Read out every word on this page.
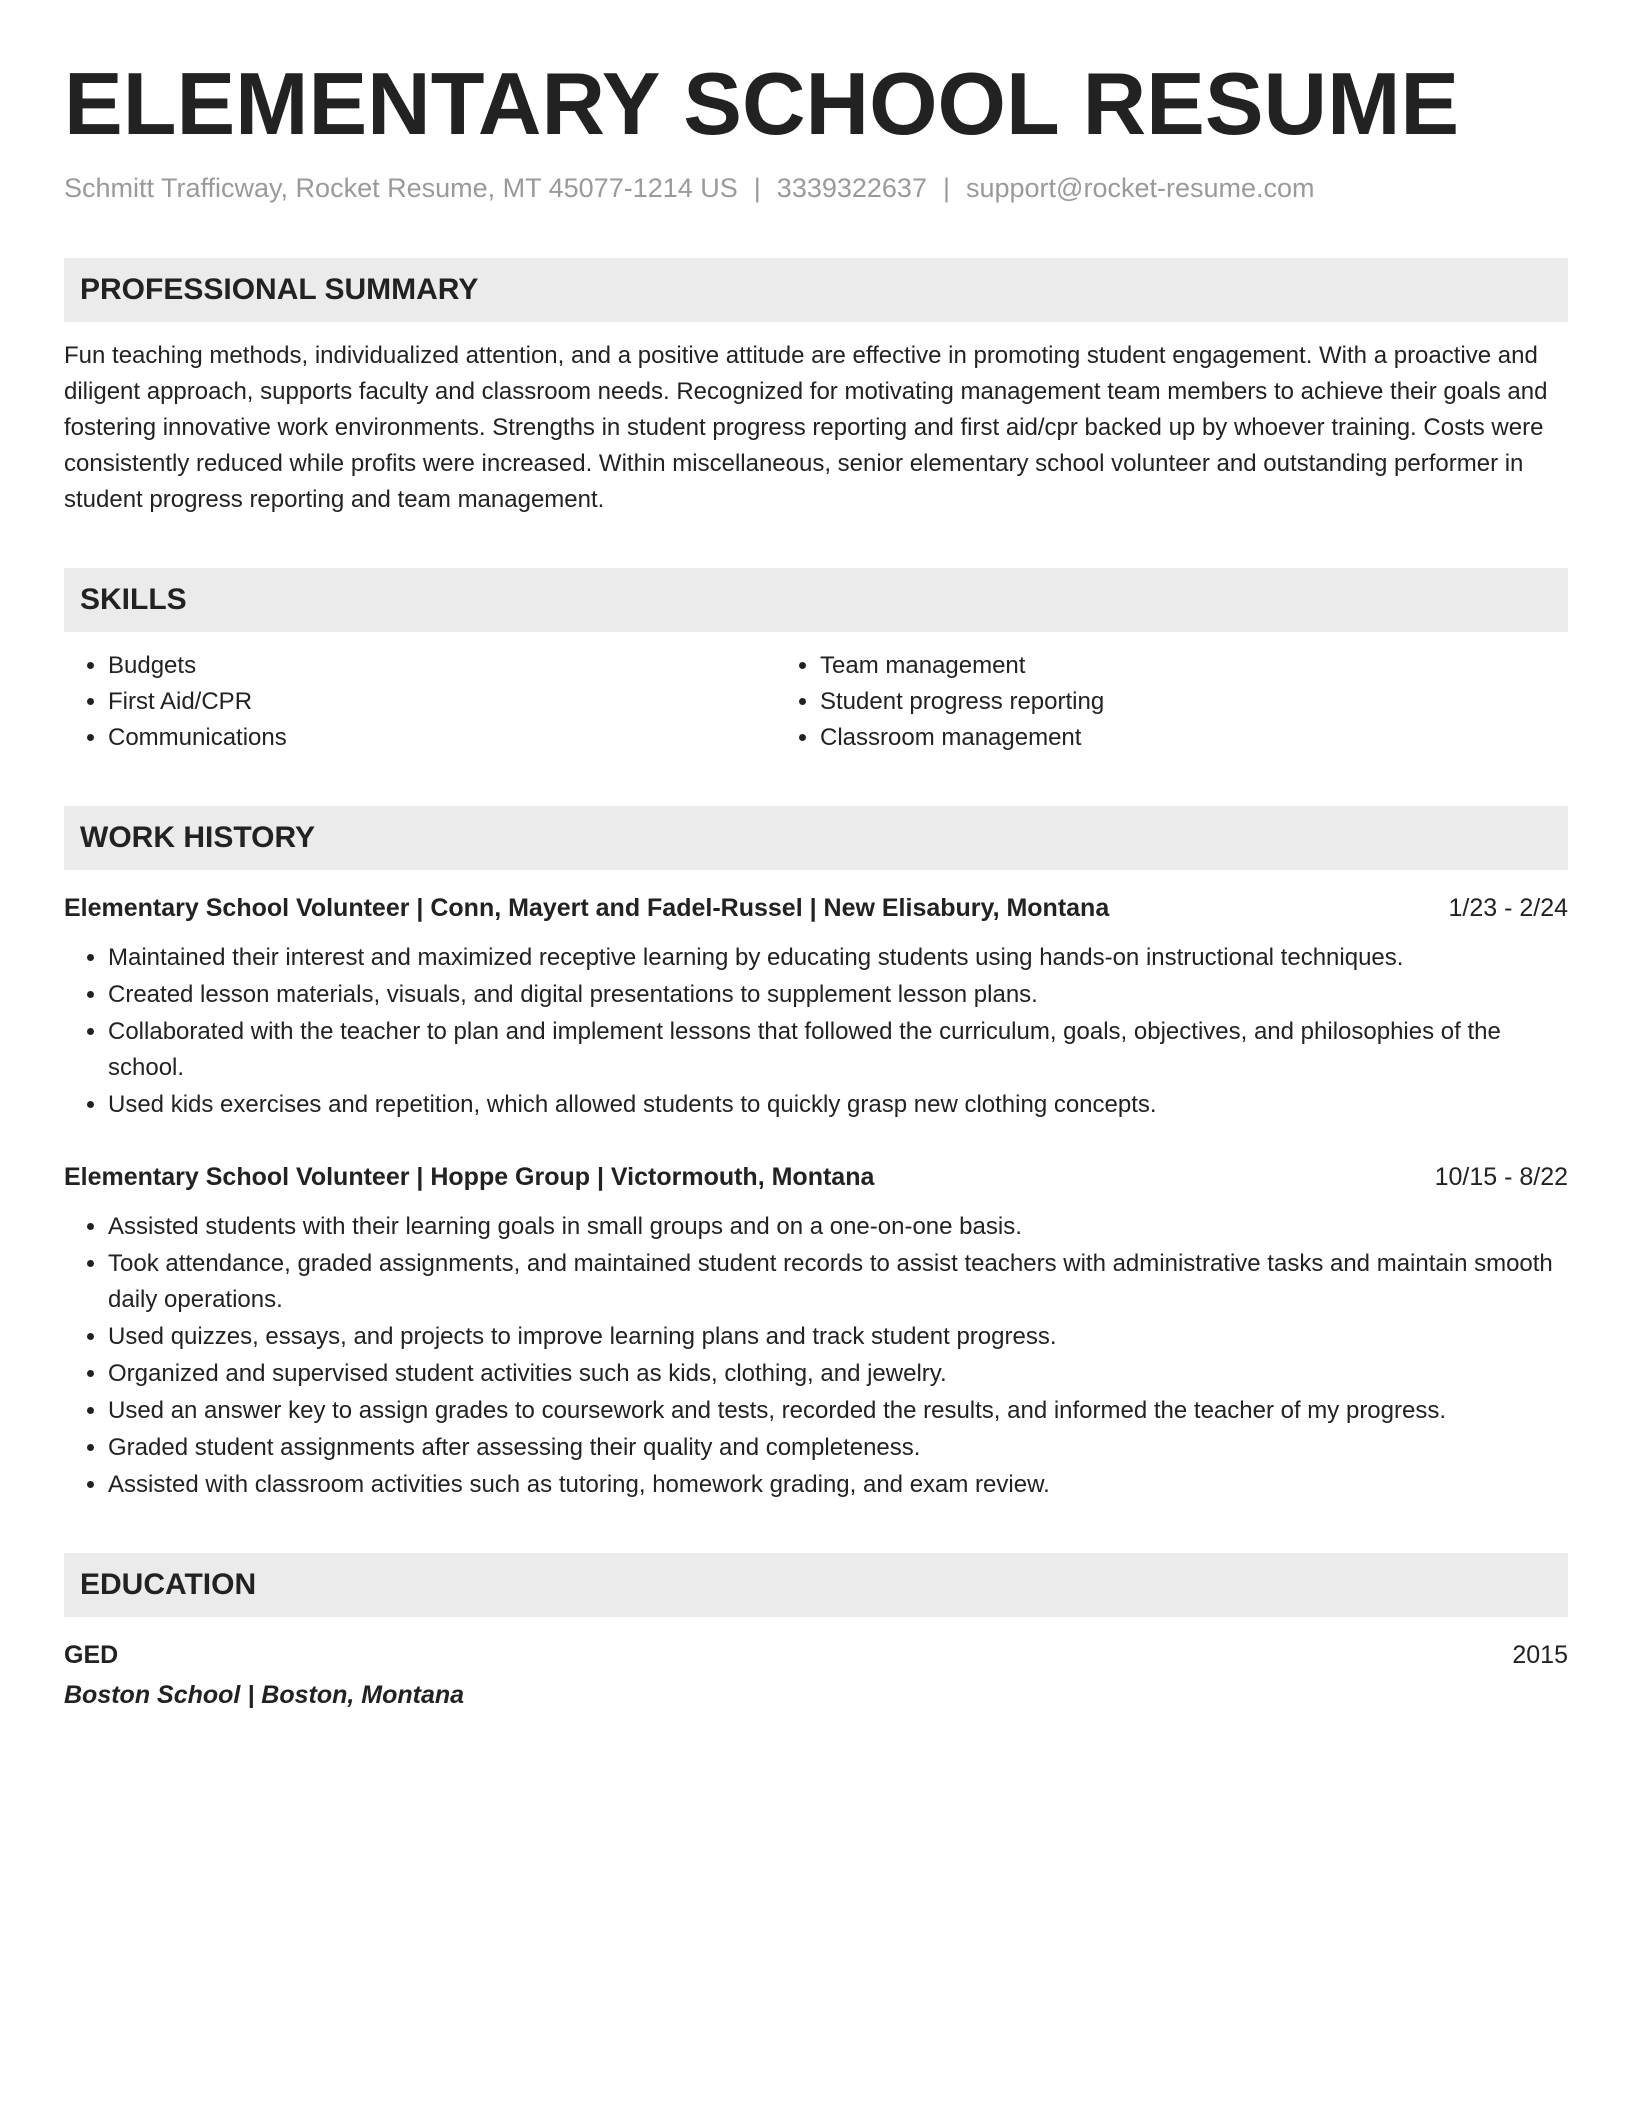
ELEMENTARY SCHOOL RESUME
Schmitt Trafficway, Rocket Resume, MT 45077-1214 US | 3339322637 | support@rocket-resume.com
PROFESSIONAL SUMMARY
Fun teaching methods, individualized attention, and a positive attitude are effective in promoting student engagement. With a proactive and diligent approach, supports faculty and classroom needs. Recognized for motivating management team members to achieve their goals and fostering innovative work environments. Strengths in student progress reporting and first aid/cpr backed up by whoever training. Costs were consistently reduced while profits were increased. Within miscellaneous, senior elementary school volunteer and outstanding performer in student progress reporting and team management.
SKILLS
• Budgets
• First Aid/CPR
• Communications
• Team management
• Student progress reporting
• Classroom management
WORK HISTORY
Elementary School Volunteer | Conn, Mayert and Fadel-Russel | New Elisabury, Montana	1/23 - 2/24
• Maintained their interest and maximized receptive learning by educating students using hands-on instructional techniques.
• Created lesson materials, visuals, and digital presentations to supplement lesson plans.
• Collaborated with the teacher to plan and implement lessons that followed the curriculum, goals, objectives, and philosophies of the school.
• Used kids exercises and repetition, which allowed students to quickly grasp new clothing concepts.
Elementary School Volunteer | Hoppe Group | Victormouth, Montana	10/15 - 8/22
• Assisted students with their learning goals in small groups and on a one-on-one basis.
• Took attendance, graded assignments, and maintained student records to assist teachers with administrative tasks and maintain smooth daily operations.
• Used quizzes, essays, and projects to improve learning plans and track student progress.
• Organized and supervised student activities such as kids, clothing, and jewelry.
• Used an answer key to assign grades to coursework and tests, recorded the results, and informed the teacher of my progress.
• Graded student assignments after assessing their quality and completeness.
• Assisted with classroom activities such as tutoring, homework grading, and exam review.
EDUCATION
GED	2015
Boston School | Boston, Montana
